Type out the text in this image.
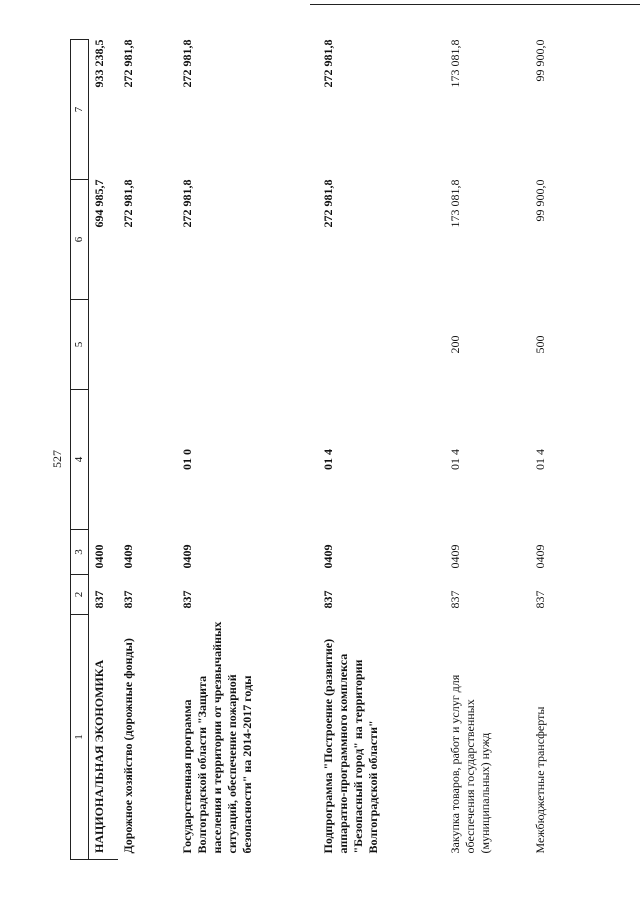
527
1	2	3	4	5	6	7
НАЦИОНАЛЬНАЯ ЭКОНОМИКА	837	0400			694 985,7	933 238,5
Дорожное хозяйство (дорожные фонды)	837	0409			272 981,8	272 981,8
Государственная программа Волгоградской области "Защита населения и территории от чрезвычайных ситуаций, обеспечение пожарной безопасности" на 2014-2017 годы	837	0409	01 0		272 981,8	272 981,8
Подпрограмма "Построение (развитие) аппаратно-программного комплекса "Безопасный город" на территории Волгоградской области"	837	0409	01 4		272 981,8	272 981,8
Закупка товаров, работ и услуг для обеспечения государственных (муниципальных) нужд	837	0409	01 4	200	173 081,8	173 081,8
Межбюджетные трансферты	837	0409	01 4	500	99 900,0	99 900,0
